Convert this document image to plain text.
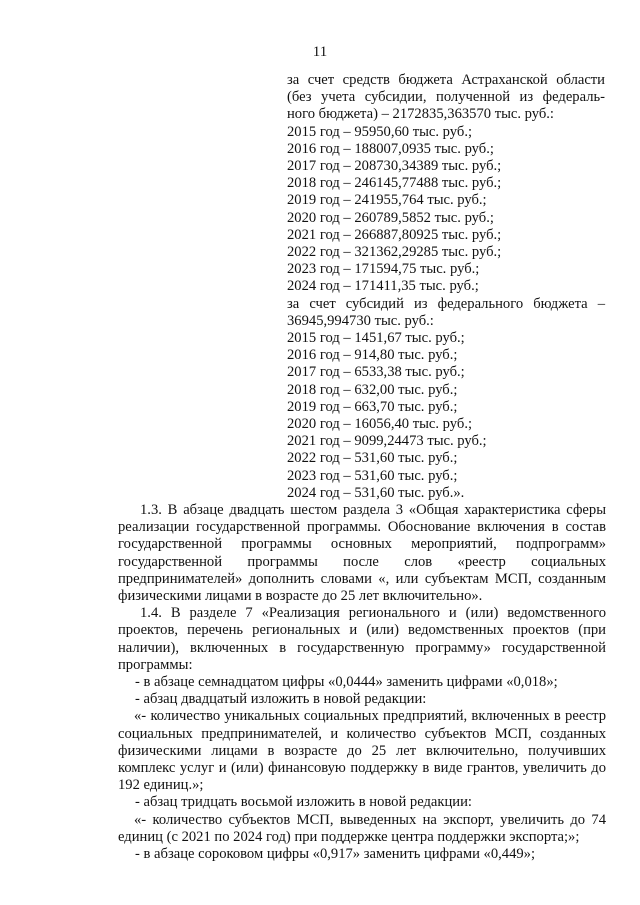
11
за счет средств бюджета Астраханской области
(без учета субсидии, полученной из федераль-
ного бюджета) – 2172835,363570 тыс. руб.:
2015 год – 95950,60 тыс. руб.;
2016 год – 188007,0935 тыс. руб.;
2017 год – 208730,34389 тыс. руб.;
2018 год – 246145,77488 тыс. руб.;
2019 год – 241955,764 тыс. руб.;
2020 год – 260789,5852 тыс. руб.;
2021 год – 266887,80925 тыс. руб.;
2022 год – 321362,29285 тыс. руб.;
2023 год – 171594,75 тыс. руб.;
2024 год – 171411,35 тыс. руб.;
за счет субсидий из федерального бюджета –
36945,994730 тыс. руб.:
2015 год – 1451,67 тыс. руб.;
2016 год – 914,80 тыс. руб.;
2017 год – 6533,38 тыс. руб.;
2018 год – 632,00 тыс. руб.;
2019 год – 663,70 тыс. руб.;
2020 год – 16056,40 тыс. руб.;
2021 год – 9099,24473 тыс. руб.;
2022 год – 531,60 тыс. руб.;
2023 год – 531,60 тыс. руб.;
2024 год – 531,60 тыс. руб.».
1.3. В абзаце двадцать шестом раздела 3 «Общая характеристика сферы реализации государственной программы. Обоснование включения в состав государственной программы основных мероприятий, подпрограмм» государственной программы после слов «реестр социальных предпринимателей» дополнить словами «, или субъектам МСП, созданным физическими лицами в возрасте до 25 лет включительно».
1.4. В разделе 7 «Реализация регионального и (или) ведомственного проектов, перечень региональных и (или) ведомственных проектов (при наличии), включенных в государственную программу» государственной программы:
- в абзаце семнадцатом цифры «0,0444» заменить цифрами «0,018»;
- абзац двадцатый изложить в новой редакции:
«- количество уникальных социальных предприятий, включенных в реестр социальных предпринимателей, и количество субъектов МСП, созданных физическими лицами в возрасте до 25 лет включительно, получивших комплекс услуг и (или) финансовую поддержку в виде грантов, увеличить до 192 единиц.»;
- абзац тридцать восьмой изложить в новой редакции:
«- количество субъектов МСП, выведенных на экспорт, увеличить до 74 единиц (с 2021 по 2024 год) при поддержке центра поддержки экспорта;»;
- в абзаце сороковом цифры «0,917» заменить цифрами «0,449»;
